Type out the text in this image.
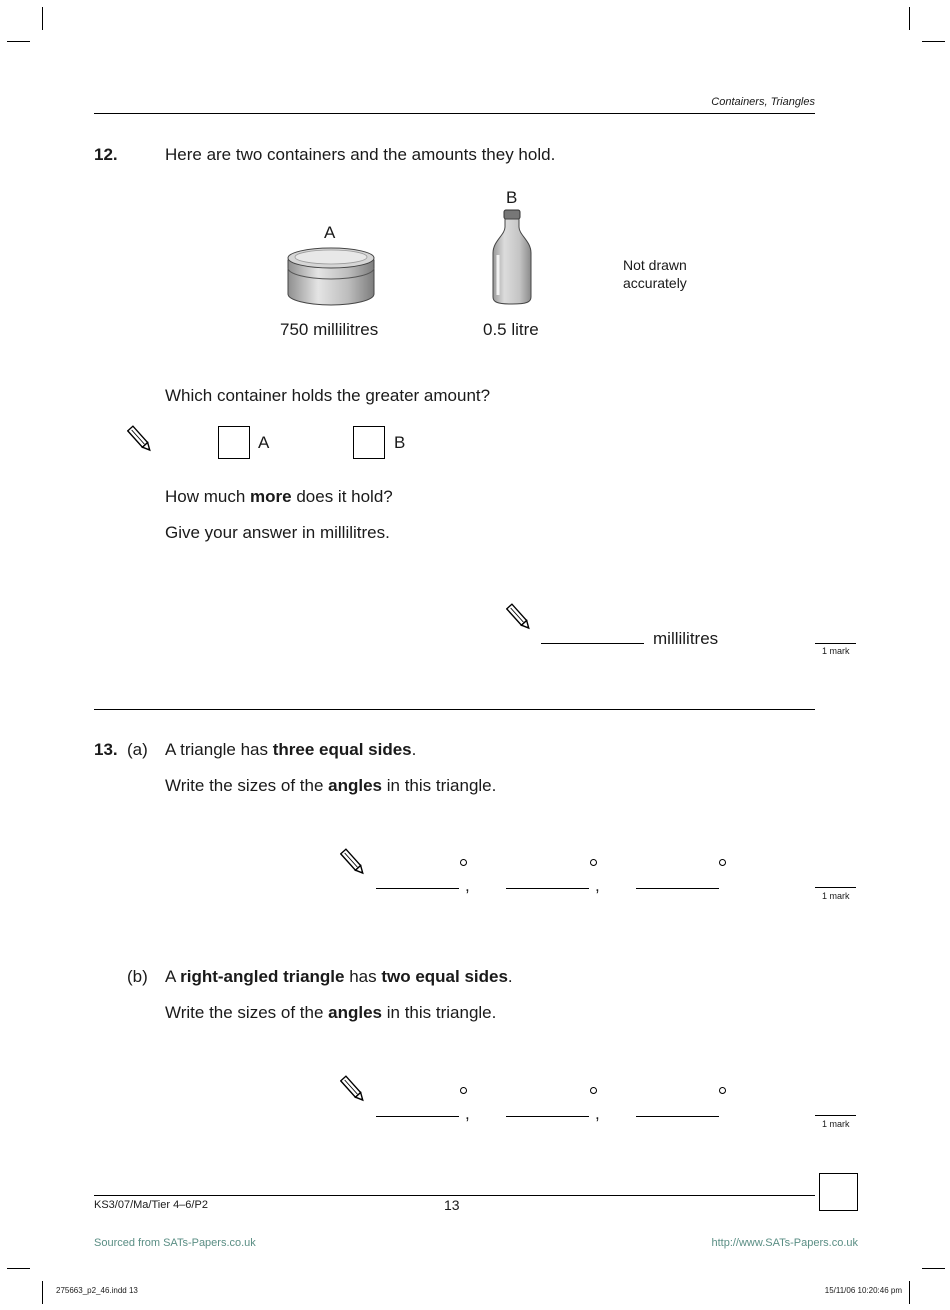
Containers, Triangles
12.	Here are two containers and the amounts they hold.
A
750 millilitres
B
0.5 litre
Not drawn
accurately
Which container holds the greater amount?
A	B
How much more does it hold?
Give your answer in millilitres.
millilitres
1 mark
13. (a) A triangle has three equal sides.
Write the sizes of the angles in this triangle.
,	,
1 mark
(b) A right-angled triangle has two equal sides.
Write the sizes of the angles in this triangle.
,	,
1 mark
KS3/07/Ma/Tier 4–6/P2	13
Sourced from SATs-Papers.co.uk	http://www.SATs-Papers.co.uk
275663_p2_46.indd 13	15/11/06 10:20:46 pm
